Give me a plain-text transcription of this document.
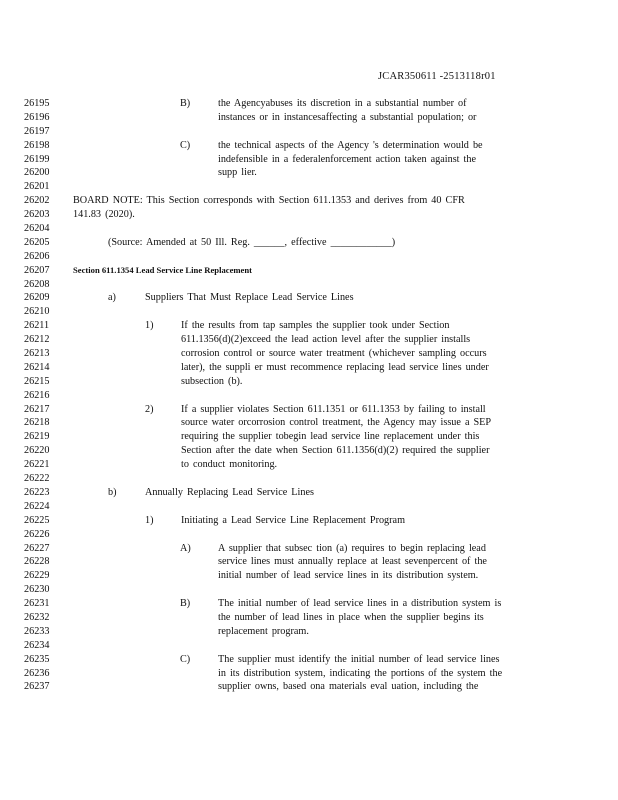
JCAR350611 -2513118r01
26195	B)	the Agencyabuses its discretion in a substantial number of
26196	instances or in instancesaffecting a substantial population; or
26197
26198	C)	the technical aspects of the Agency 's determination would be
26199	indefensible in a federalenforcement action taken against the
26200	supp lier.
26201
26202	BOARD NOTE: This Section corresponds with Section 611.1353 and derives from 40 CFR
26203	141.83 (2020).
26204
26205	(Source: Amended at 50 Ill. Reg. ______, effective ____________)
26206
26207	Section 611.1354 Lead Service Line Replacement
26208
26209	a)	Suppliers That Must Replace Lead Service Lines
26210
26211	1)	If the results from tap samples the supplier took under Section
26212	611.1356(d)(2)exceed the lead action level after the supplier installs
26213	corrosion control or source water treatment (whichever sampling occurs
26214	later), the suppli er must recommence replacing lead service lines under
26215	subsection (b).
26216
26217	2)	If a supplier violates Section 611.1351 or 611.1353 by failing to install
26218	source water orcorrosion control treatment, the Agency may issue a SEP
26219	requiring the supplier tobegin lead service line replacement under this
26220	Section after the date when Section 611.1356(d)(2) required the supplier
26221	to conduct monitoring.
26222
26223	b)	Annually Replacing Lead Service Lines
26224
26225	1)	Initiating a Lead Service Line Replacement Program
26226
26227	A)	A supplier that subsec tion (a) requires to begin replacing lead
26228	service lines must annually replace at least sevenpercent of the
26229	initial number of lead service lines in its distribution system.
26230
26231	B)	The initial number of lead service lines in a distribution system is
26232	the number of lead lines in place when the supplier begins its
26233	replacement program.
26234
26235	C)	The supplier must identify the initial number of lead service lines
26236	in its distribution system, indicating the portions of the system the
26237	supplier owns, based ona materials eval uation, including the
